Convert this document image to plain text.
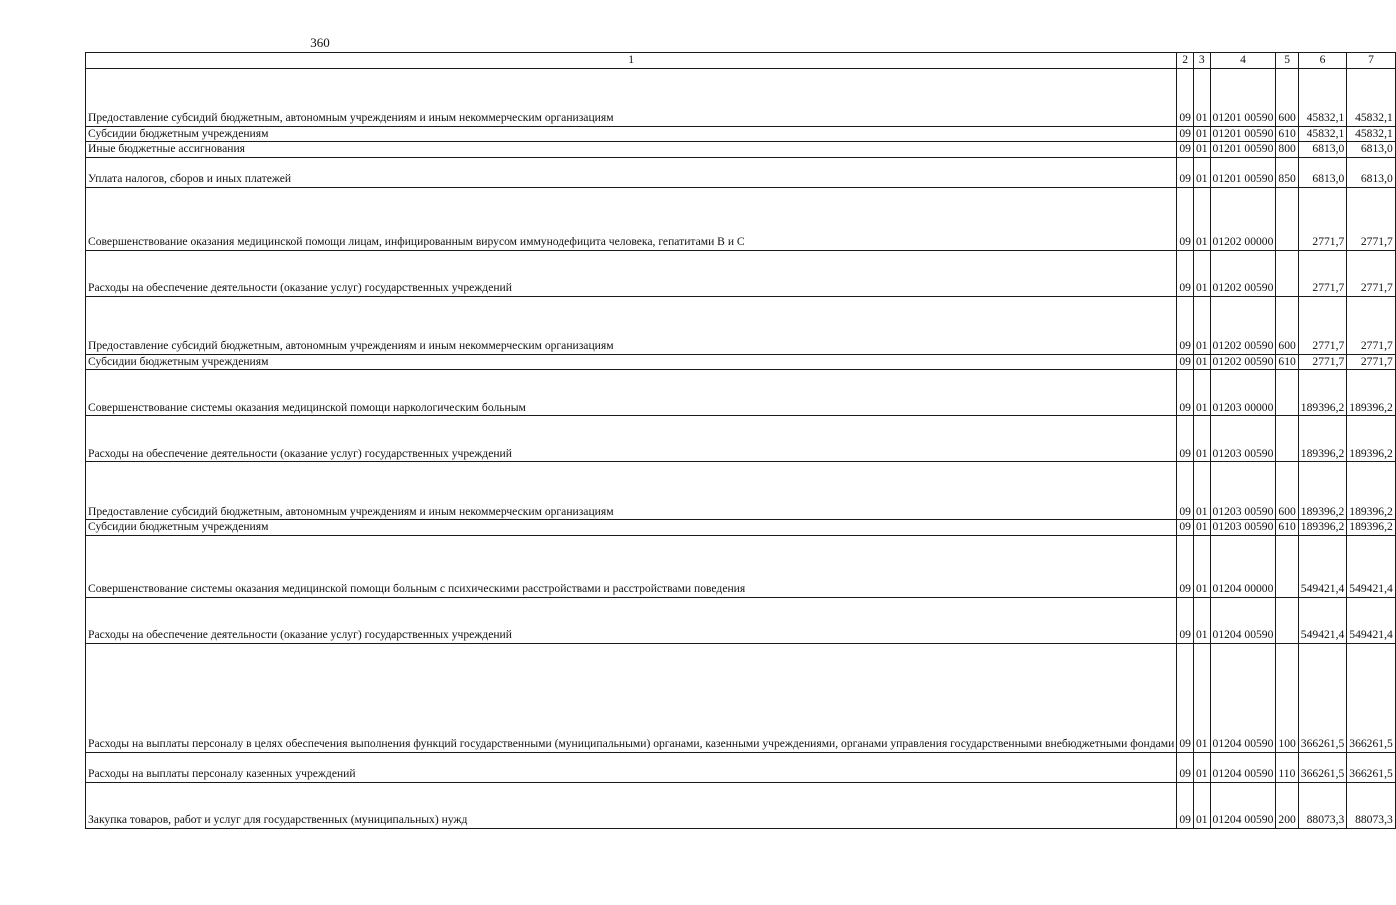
360
1	2	3	4	5	6	7
Предоставление субсидий бюджетным, автономным учреждениям и иным некоммерческим организациям	09	01	01201 00590	600	45832,1	45832,1
Субсидии бюджетным учреждениям	09	01	01201 00590	610	45832,1	45832,1
Иные бюджетные ассигнования	09	01	01201 00590	800	6813,0	6813,0
Уплата налогов, сборов и иных платежей	09	01	01201 00590	850	6813,0	6813,0
Совершенствование оказания медицинской помощи лицам, инфицированным вирусом иммунодефицита человека, гепатитами В и С	09	01	01202 00000		2771,7	2771,7
Расходы на обеспечение деятельности (оказание услуг) государственных учреждений	09	01	01202 00590		2771,7	2771,7
Предоставление субсидий бюджетным, автономным учреждениям и иным некоммерческим организациям	09	01	01202 00590	600	2771,7	2771,7
Субсидии бюджетным учреждениям	09	01	01202 00590	610	2771,7	2771,7
Совершенствование системы оказания медицинской помощи наркологическим больным	09	01	01203 00000		189396,2	189396,2
Расходы на обеспечение деятельности (оказание услуг) государственных учреждений	09	01	01203 00590		189396,2	189396,2
Предоставление субсидий бюджетным, автономным учреждениям и иным некоммерческим организациям	09	01	01203 00590	600	189396,2	189396,2
Субсидии бюджетным учреждениям	09	01	01203 00590	610	189396,2	189396,2
Совершенствование системы оказания медицинской помощи больным с психическими расстройствами и расстройствами поведения	09	01	01204 00000		549421,4	549421,4
Расходы на обеспечение деятельности (оказание услуг) государственных учреждений	09	01	01204 00590		549421,4	549421,4
Расходы на выплаты персоналу в целях обеспечения выполнения функций государственными (муниципальными) органами, казенными учреждениями, органами управления государственными внебюджетными фондами	09	01	01204 00590	100	366261,5	366261,5
Расходы на выплаты персоналу казенных учреждений	09	01	01204 00590	110	366261,5	366261,5
Закупка товаров, работ и услуг для государственных (муниципальных) нужд	09	01	01204 00590	200	88073,3	88073,3
